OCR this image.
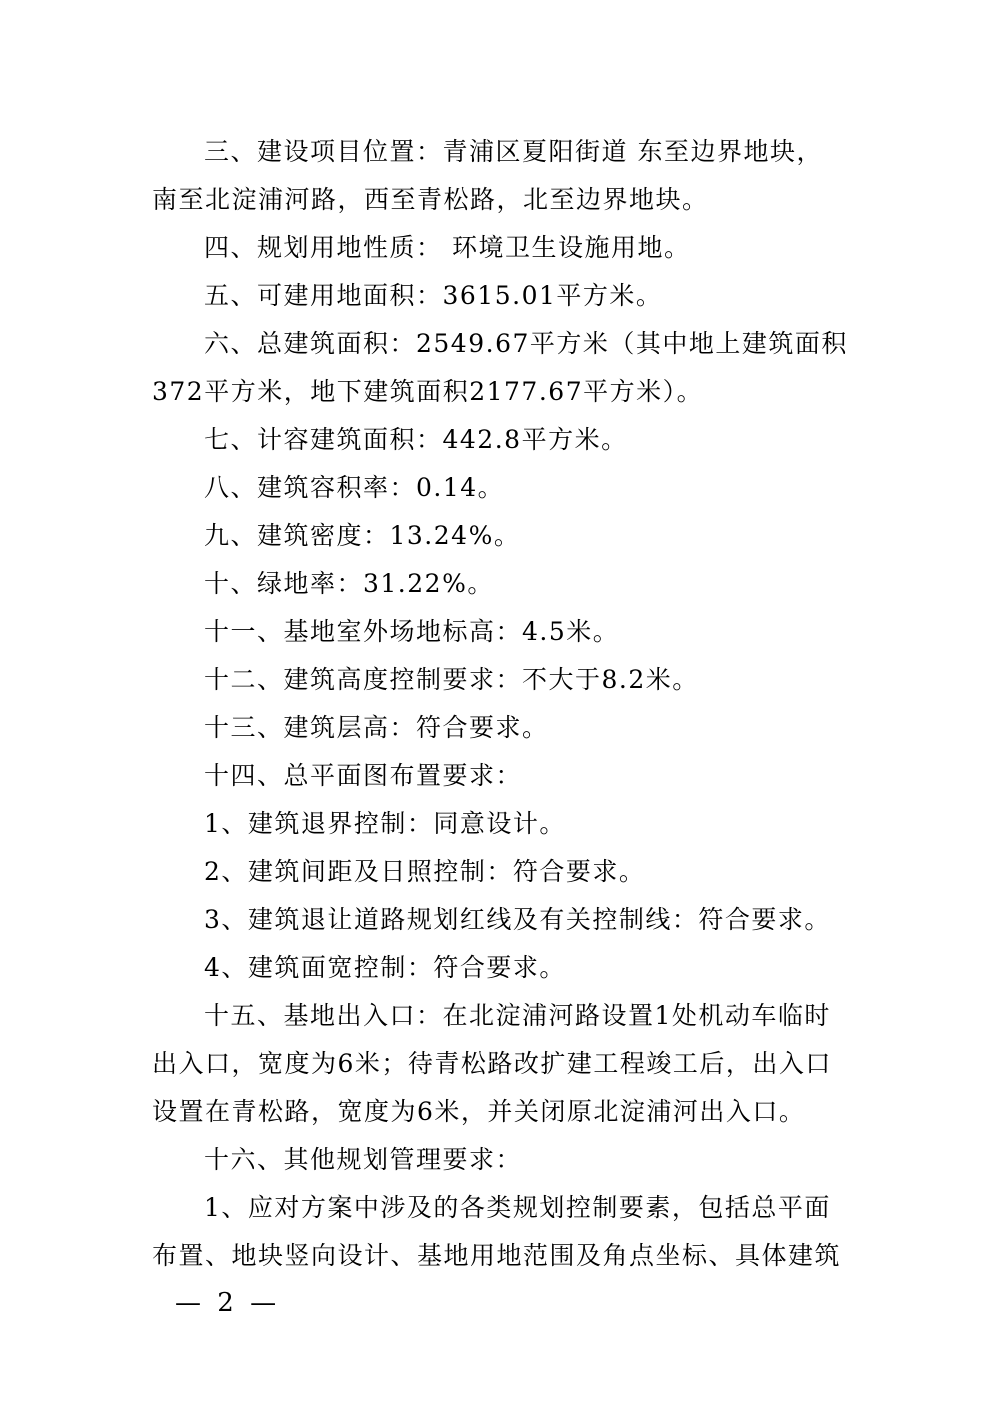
三、建设项目位置：青浦区夏阳街道 东至边界地块，
南至北淀浦河路，西至青松路，北至边界地块。

四、规划用地性质： 环境卫生设施用地。

五、可建用地面积：3615.01平方米。

六、总建筑面积：2549.67平方米（其中地上建筑面积
372平方米，地下建筑面积2177.67平方米）。

七、计容建筑面积：442.8平方米。

八、建筑容积率：0.14。

九、建筑密度：13.24%。

十、绿地率：31.22%。

十一、基地室外场地标高：4.5米。

十二、建筑高度控制要求：不大于8.2米。

十三、建筑层高：符合要求。

十四、总平面图布置要求：

1、建筑退界控制：同意设计。

2、建筑间距及日照控制：符合要求。

3、建筑退让道路规划红线及有关控制线：符合要求。

4、建筑面宽控制：符合要求。

十五、基地出入口：在北淀浦河路设置1处机动车临时
出入口，宽度为6米；待青松路改扩建工程竣工后，出入口
设置在青松路，宽度为6米，并关闭原北淀浦河出入口。

十六、其他规划管理要求：

1、应对方案中涉及的各类规划控制要素，包括总平面
布置、地块竖向设计、基地用地范围及角点坐标、具体建筑

— 2 —
